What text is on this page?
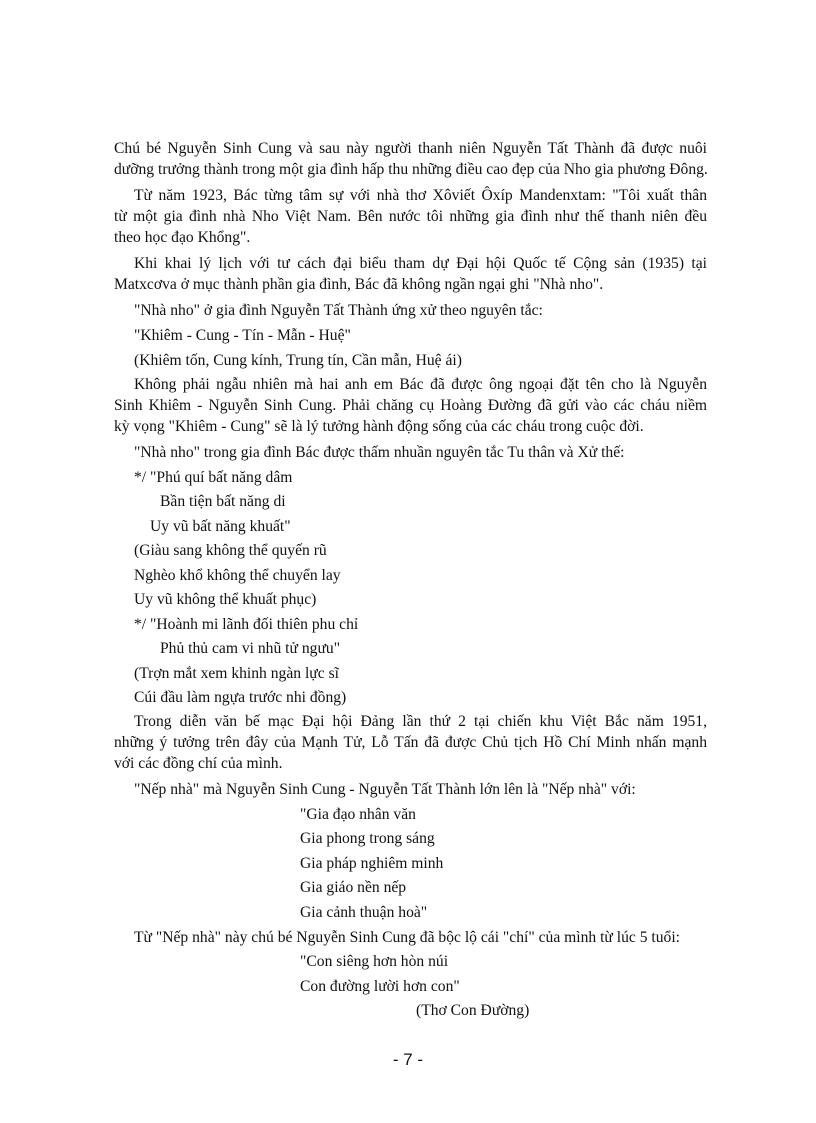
Chú bé Nguyễn Sinh Cung và sau này người thanh niên Nguyễn Tất Thành đã được nuôi

dưỡng trưởng thành trong một gia đình hấp thu những điều cao đẹp của Nho gia phương Đông.

Từ năm 1923, Bác từng tâm sự với nhà thơ Xôviết Ôxíp Mandenxtam: "Tôi xuất thân

từ một gia đình nhà Nho Việt Nam. Bên nước tôi những gia đình như thế thanh niên đều

theo học đạo Khổng".

Khi khai lý lịch với tư cách đại biểu tham dự Đại hội Quốc tế Cộng sản (1935) tại

Matxcơva ở mục thành phần gia đình, Bác đã không ngần ngại ghi "Nhà nho".

"Nhà nho" ở gia đình Nguyễn Tất Thành ứng xử theo nguyên tắc:

"Khiêm - Cung - Tín - Mẫn - Huệ"

(Khiêm tốn, Cung kính, Trung tín, Cần mẫn, Huệ ái)

Không phải ngẫu nhiên mà hai anh em Bác đã được ông ngoại đặt tên cho là Nguyễn

Sinh Khiêm - Nguyễn Sinh Cung. Phải chăng cụ Hoàng Đường đã gửi vào các cháu niềm

kỳ vọng "Khiêm - Cung" sẽ là lý tưởng hành động sống của các cháu trong cuộc đời.

"Nhà nho" trong gia đình Bác được thấm nhuần nguyên tắc Tu thân và Xử thế:

*/ "Phú quí bất năng dâm

Bần tiện bất năng di

Uy vũ bất năng khuất"

(Giàu sang không thể quyến rũ

Nghèo khổ không thể chuyển lay

Uy vũ không thể khuất phục)

*/ "Hoành mi lãnh đối thiên phu chỉ

Phủ thủ cam vi nhũ tử ngưu"

(Trợn mắt xem khinh ngàn lực sĩ

Cúi đầu làm ngựa trước nhi đồng)

Trong diễn văn bế mạc Đại hội Đảng lần thứ 2 tại chiến khu Việt Bắc năm 1951,

những ý tưởng trên đây của Mạnh Tử, Lỗ Tấn đã được Chủ tịch Hồ Chí Minh nhấn mạnh

với các đồng chí của mình.

"Nếp nhà" mà Nguyễn Sinh Cung - Nguyễn Tất Thành lớn lên là "Nếp nhà" với:

"Gia đạo nhân văn

Gia phong trong sáng

Gia pháp nghiêm minh

Gia giáo nền nếp

Gia cảnh thuận hoà"

Từ "Nếp nhà" này chú bé Nguyễn Sinh Cung đã bộc lộ cái "chí" của mình từ lúc 5 tuổi:

"Con siêng hơn hòn núi

Con đường lười hơn con"

(Thơ Con Đường)

- 7 -
